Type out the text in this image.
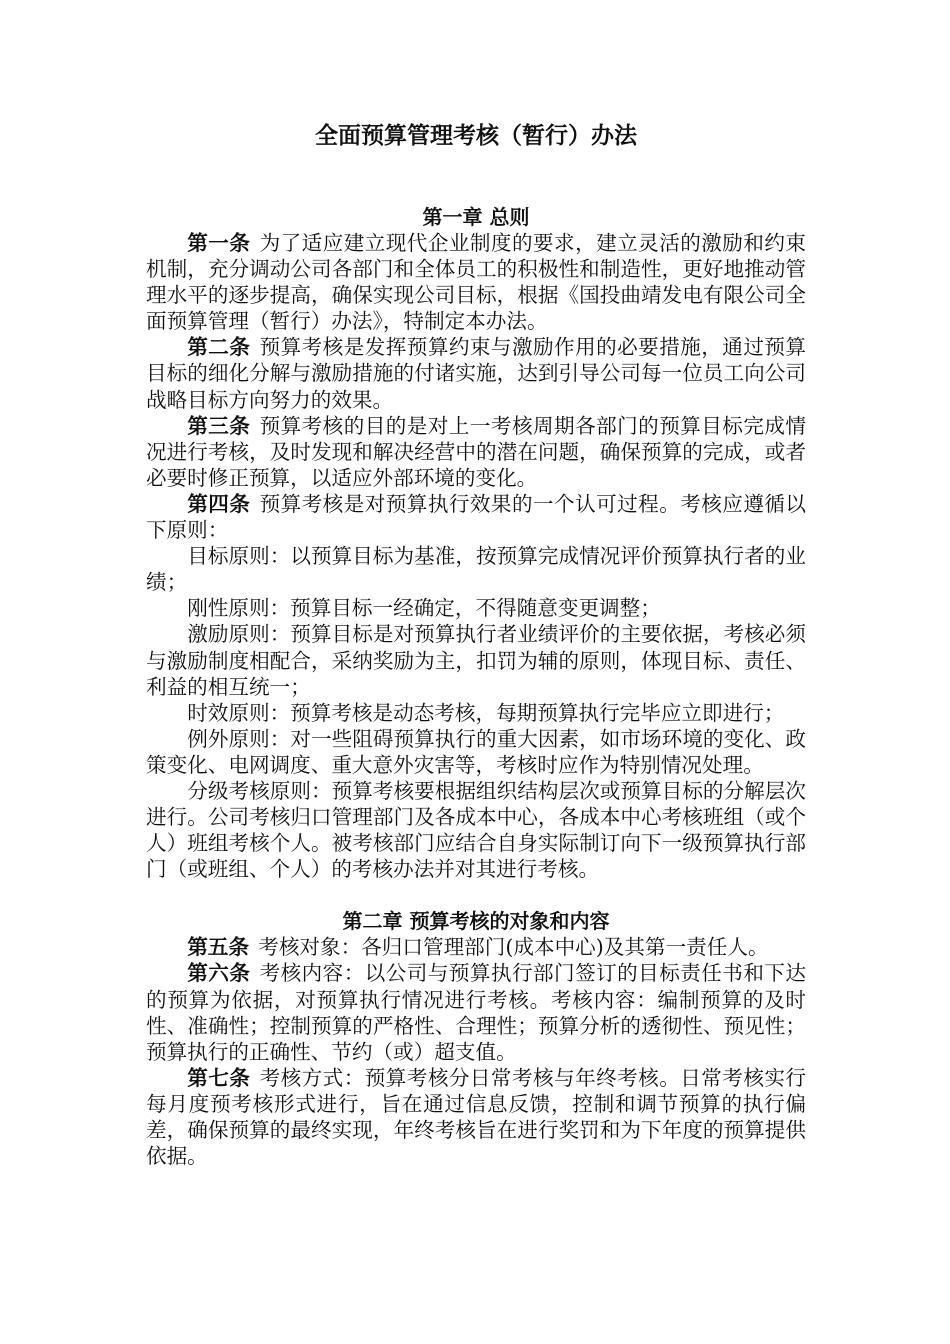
全面预算管理考核（暂行）办法
第一章 总则

第一条 为了适应建立现代企业制度的要求，建立灵活的激励和约束机制，充分调动公司各部门和全体员工的积极性和制造性，更好地推动管理水平的逐步提高，确保实现公司目标，根据《国投曲靖发电有限公司全面预算管理（暂行）办法》，特制定本办法。

第二条 预算考核是发挥预算约束与激励作用的必要措施，通过预算目标的细化分解与激励措施的付诸实施，达到引导公司每一位员工向公司战略目标方向努力的效果。

第三条 预算考核的目的是对上一考核周期各部门的预算目标完成情况进行考核，及时发现和解决经营中的潜在问题，确保预算的完成，或者必要时修正预算，以适应外部环境的变化。

第四条 预算考核是对预算执行效果的一个认可过程。考核应遵循以下原则：

目标原则：以预算目标为基准，按预算完成情况评价预算执行者的业绩；

刚性原则：预算目标一经确定，不得随意变更调整；

激励原则：预算目标是对预算执行者业绩评价的主要依据，考核必须与激励制度相配合，采纳奖励为主，扣罚为辅的原则，体现目标、责任、利益的相互统一；

时效原则：预算考核是动态考核，每期预算执行完毕应立即进行；

例外原则：对一些阻碍预算执行的重大因素，如市场环境的变化、政策变化、电网调度、重大意外灾害等，考核时应作为特别情况处理。

分级考核原则：预算考核要根据组织结构层次或预算目标的分解层次进行。公司考核归口管理部门及各成本中心，各成本中心考核班组（或个人）班组考核个人。被考核部门应结合自身实际制订向下一级预算执行部门（或班组、个人）的考核办法并对其进行考核。

第二章 预算考核的对象和内容

第五条 考核对象：各归口管理部门(成本中心)及其第一责任人。

第六条 考核内容：以公司与预算执行部门签订的目标责任书和下达的预算为依据，对预算执行情况进行考核。考核内容：编制预算的及时性、准确性；控制预算的严格性、合理性；预算分析的透彻性、预见性；预算执行的正确性、节约（或）超支值。

第七条 考核方式：预算考核分日常考核与年终考核。日常考核实行每月度预考核形式进行，旨在通过信息反馈，控制和调节预算的执行偏差，确保预算的最终实现，年终考核旨在进行奖罚和为下年度的预算提供依据。
